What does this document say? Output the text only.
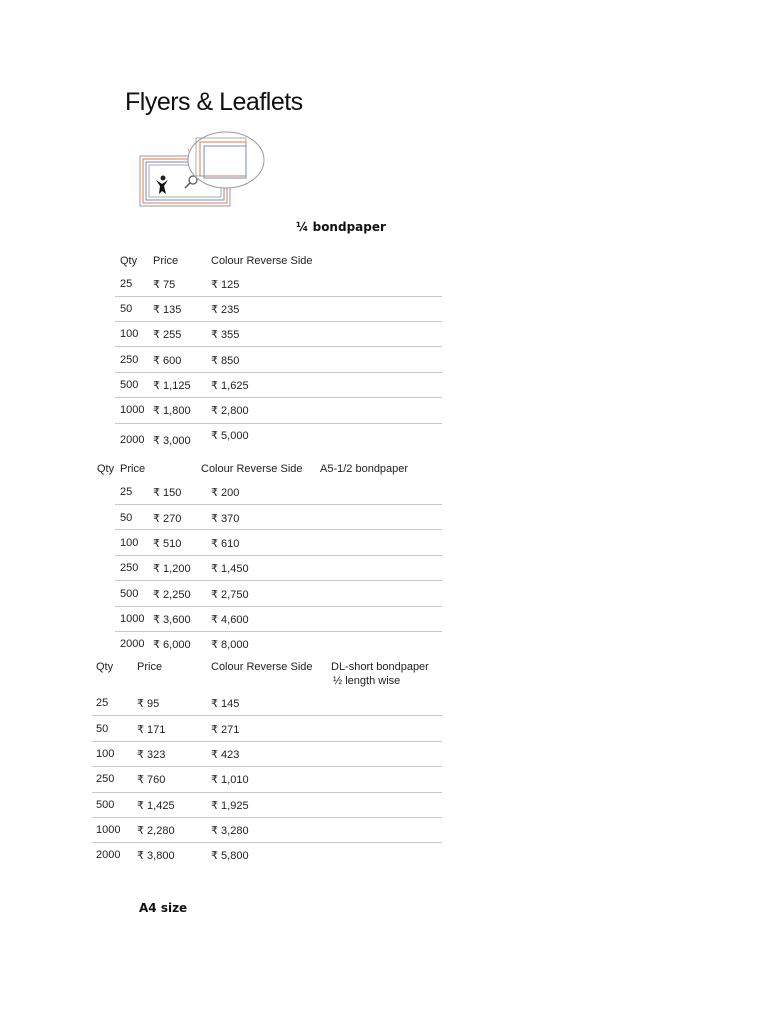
Flyers & Leaflets
¼ bondpaper
Qty Price	Colour Reverse Side
25 ₹ 75	₹ 125
50 ₹ 135	₹ 235
100 ₹ 255	₹ 355
250 ₹ 600	₹ 850
500 ₹ 1,125 ₹ 1,625
1000 ₹ 1,800 ₹ 2,800
2000 ₹ 3,000 ₹ 5,000
Qty Price	Colour Reverse Side A5-1/2 bondpaper
25 ₹ 150	₹ 200
50 ₹ 270	₹ 370
100 ₹ 510	₹ 610
250 ₹ 1,200 ₹ 1,450
500 ₹ 2,250 ₹ 2,750
1000 ₹ 3,600 ₹ 4,600
2000 ₹ 6,000 ₹ 8,000
Qty Price	Colour Reverse Side DL-short bondpaper
½ length wise
25	₹ 95	₹ 145
50	₹ 171	₹ 271
100 ₹ 323	₹ 423
250 ₹ 760	₹ 1,010
500 ₹ 1,425	₹ 1,925
1000 ₹ 2,280	₹ 3,280
2000 ₹ 3,800	₹ 5,800
A4 size
